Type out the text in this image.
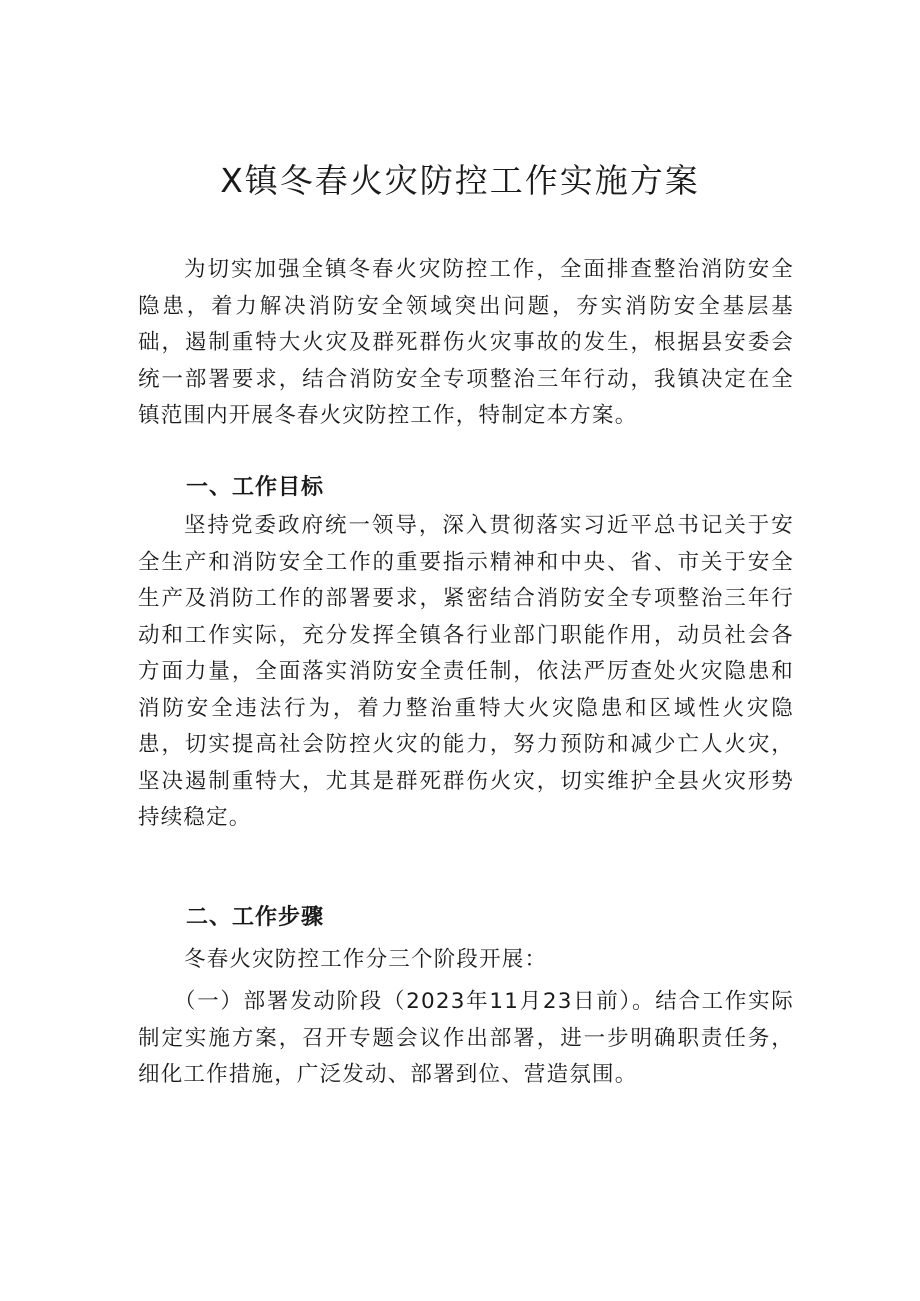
X镇冬春火灾防控工作实施方案
为切实加强全镇冬春火灾防控工作，全面排查整治消防安全隐患，着力解决消防安全领域突出问题，夯实消防安全基层基础，遏制重特大火灾及群死群伤火灾事故的发生，根据县安委会统一部署要求，结合消防安全专项整治三年行动，我镇决定在全镇范围内开展冬春火灾防控工作，特制定本方案。
一、工作目标
坚持党委政府统一领导，深入贯彻落实习近平总书记关于安全生产和消防安全工作的重要指示精神和中央、省、市关于安全生产及消防工作的部署要求，紧密结合消防安全专项整治三年行动和工作实际，充分发挥全镇各行业部门职能作用，动员社会各方面力量，全面落实消防安全责任制，依法严厉查处火灾隐患和消防安全违法行为，着力整治重特大火灾隐患和区域性火灾隐患，切实提高社会防控火灾的能力，努力预防和减少亡人火灾，坚决遏制重特大，尤其是群死群伤火灾，切实维护全县火灾形势持续稳定。
二、工作步骤
冬春火灾防控工作分三个阶段开展：
（一）部署发动阶段（2023年11月23日前）。结合工作实际制定实施方案，召开专题会议作出部署，进一步明确职责任务，细化工作措施，广泛发动、部署到位、营造氛围。
